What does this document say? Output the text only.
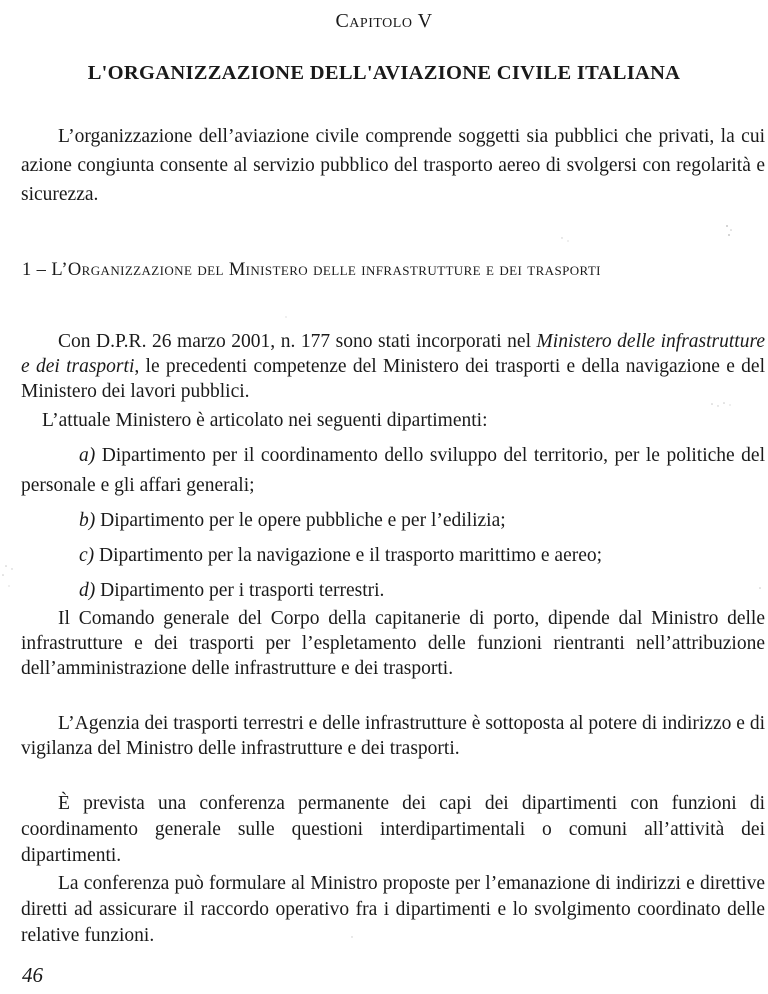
Capitolo V
L'ORGANIZZAZIONE DELL'AVIAZIONE CIVILE ITALIANA

L’organizzazione dell’aviazione civile comprende soggetti sia pubblici che privati, la cui azione congiunta consente al servizio pubblico del trasporto aereo di svolgersi con regolarità e sicurezza.

1 – L’Organizzazione del Ministero delle infrastrutture e dei trasporti

Con D.P.R. 26 marzo 2001, n. 177 sono stati incorporati nel Ministero delle infrastrutture e dei trasporti, le precedenti competenze del Ministero dei trasporti e della navigazione e del Ministero dei lavori pubblici.

L’attuale Ministero è articolato nei seguenti dipartimenti:

a) Dipartimento per il coordinamento dello sviluppo del territorio, per le politiche del personale e gli affari generali;
b) Dipartimento per le opere pubbliche e per l’edilizia;
c) Dipartimento per la navigazione e il trasporto marittimo e aereo;
d) Dipartimento per i trasporti terrestri.

Il Comando generale del Corpo della capitanerie di porto, dipende dal Ministro delle infrastrutture e dei trasporti per l’espletamento delle funzioni rientranti nell’attribuzione dell’amministrazione delle infrastrutture e dei trasporti.

L’Agenzia dei trasporti terrestri e delle infrastrutture è sottoposta al potere di indirizzo e di vigilanza del Ministro delle infrastrutture e dei trasporti.

È prevista una conferenza permanente dei capi dei dipartimenti con funzioni di coordinamento generale sulle questioni interdipartimentali o comuni all’attività dei dipartimenti.

La conferenza può formulare al Ministro proposte per l’emanazione di indirizzi e direttive diretti ad assicurare il raccordo operativo fra i dipartimenti e lo svolgimento coordinato delle relative funzioni.

46
